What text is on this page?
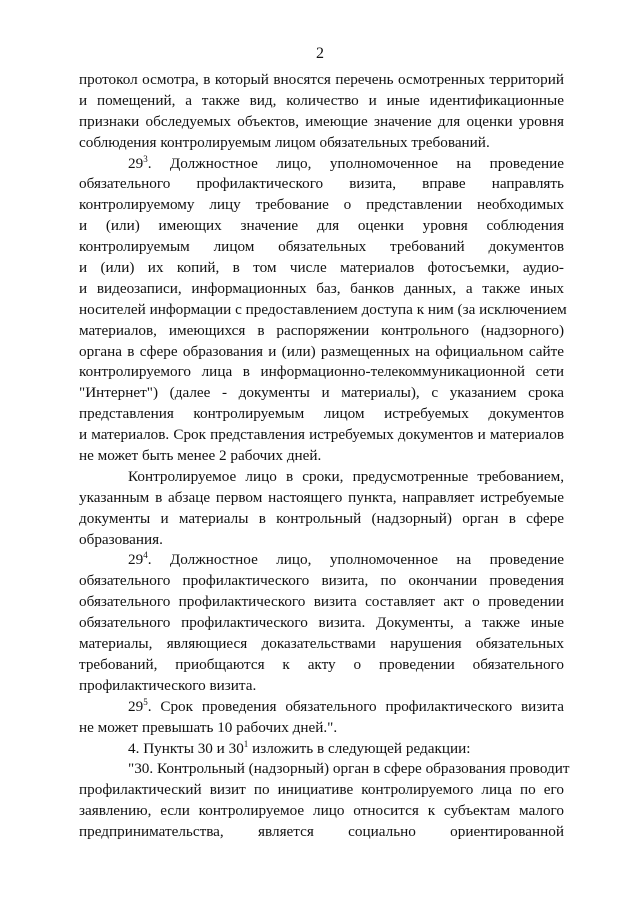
2
протокол осмотра, в который вносятся перечень осмотренных территорий
и помещений, а также вид, количество и иные идентификационные
признаки обследуемых объектов, имеющие значение для оценки уровня
соблюдения контролируемым лицом обязательных требований.
$29^3$. Должностное лицо, уполномоченное на проведение
обязательного профилактического визита, вправе направлять
контролируемому лицу требование о представлении необходимых
и (или) имеющих значение для оценки уровня соблюдения
контролируемым лицом обязательных требований документов
и (или) их копий, в том числе материалов фотосъемки, аудио-
и видеозаписи, информационных баз, банков данных, а также иных
носителей информации с предоставлением доступа к ним (за исключением
материалов, имеющихся в распоряжении контрольного (надзорного)
органа в сфере образования и (или) размещенных на официальном сайте
контролируемого лица в информационно-телекоммуникационной сети
"Интернет") (далее - документы и материалы), с указанием срока
представления контролируемым лицом истребуемых документов
и материалов. Срок представления истребуемых документов и материалов
не может быть менее 2 рабочих дней.
Контролируемое лицо в сроки, предусмотренные требованием,
указанным в абзаце первом настоящего пункта, направляет истребуемые
документы и материалы в контрольный (надзорный) орган в сфере
образования.
$29^4$. Должностное лицо, уполномоченное на проведение
обязательного профилактического визита, по окончании проведения
обязательного профилактического визита составляет акт о проведении
обязательного профилактического визита. Документы, а также иные
материалы, являющиеся доказательствами нарушения обязательных
требований, приобщаются к акту о проведении обязательного
профилактического визита.
$29^5$. Срок проведения обязательного профилактического визита
не может превышать 10 рабочих дней.".
4. Пункты 30 и $30^1$ изложить в следующей редакции:
"30. Контрольный (надзорный) орган в сфере образования проводит
профилактический визит по инициативе контролируемого лица по его
заявлению, если контролируемое лицо относится к субъектам малого
предпринимательства, является социально ориентированной
